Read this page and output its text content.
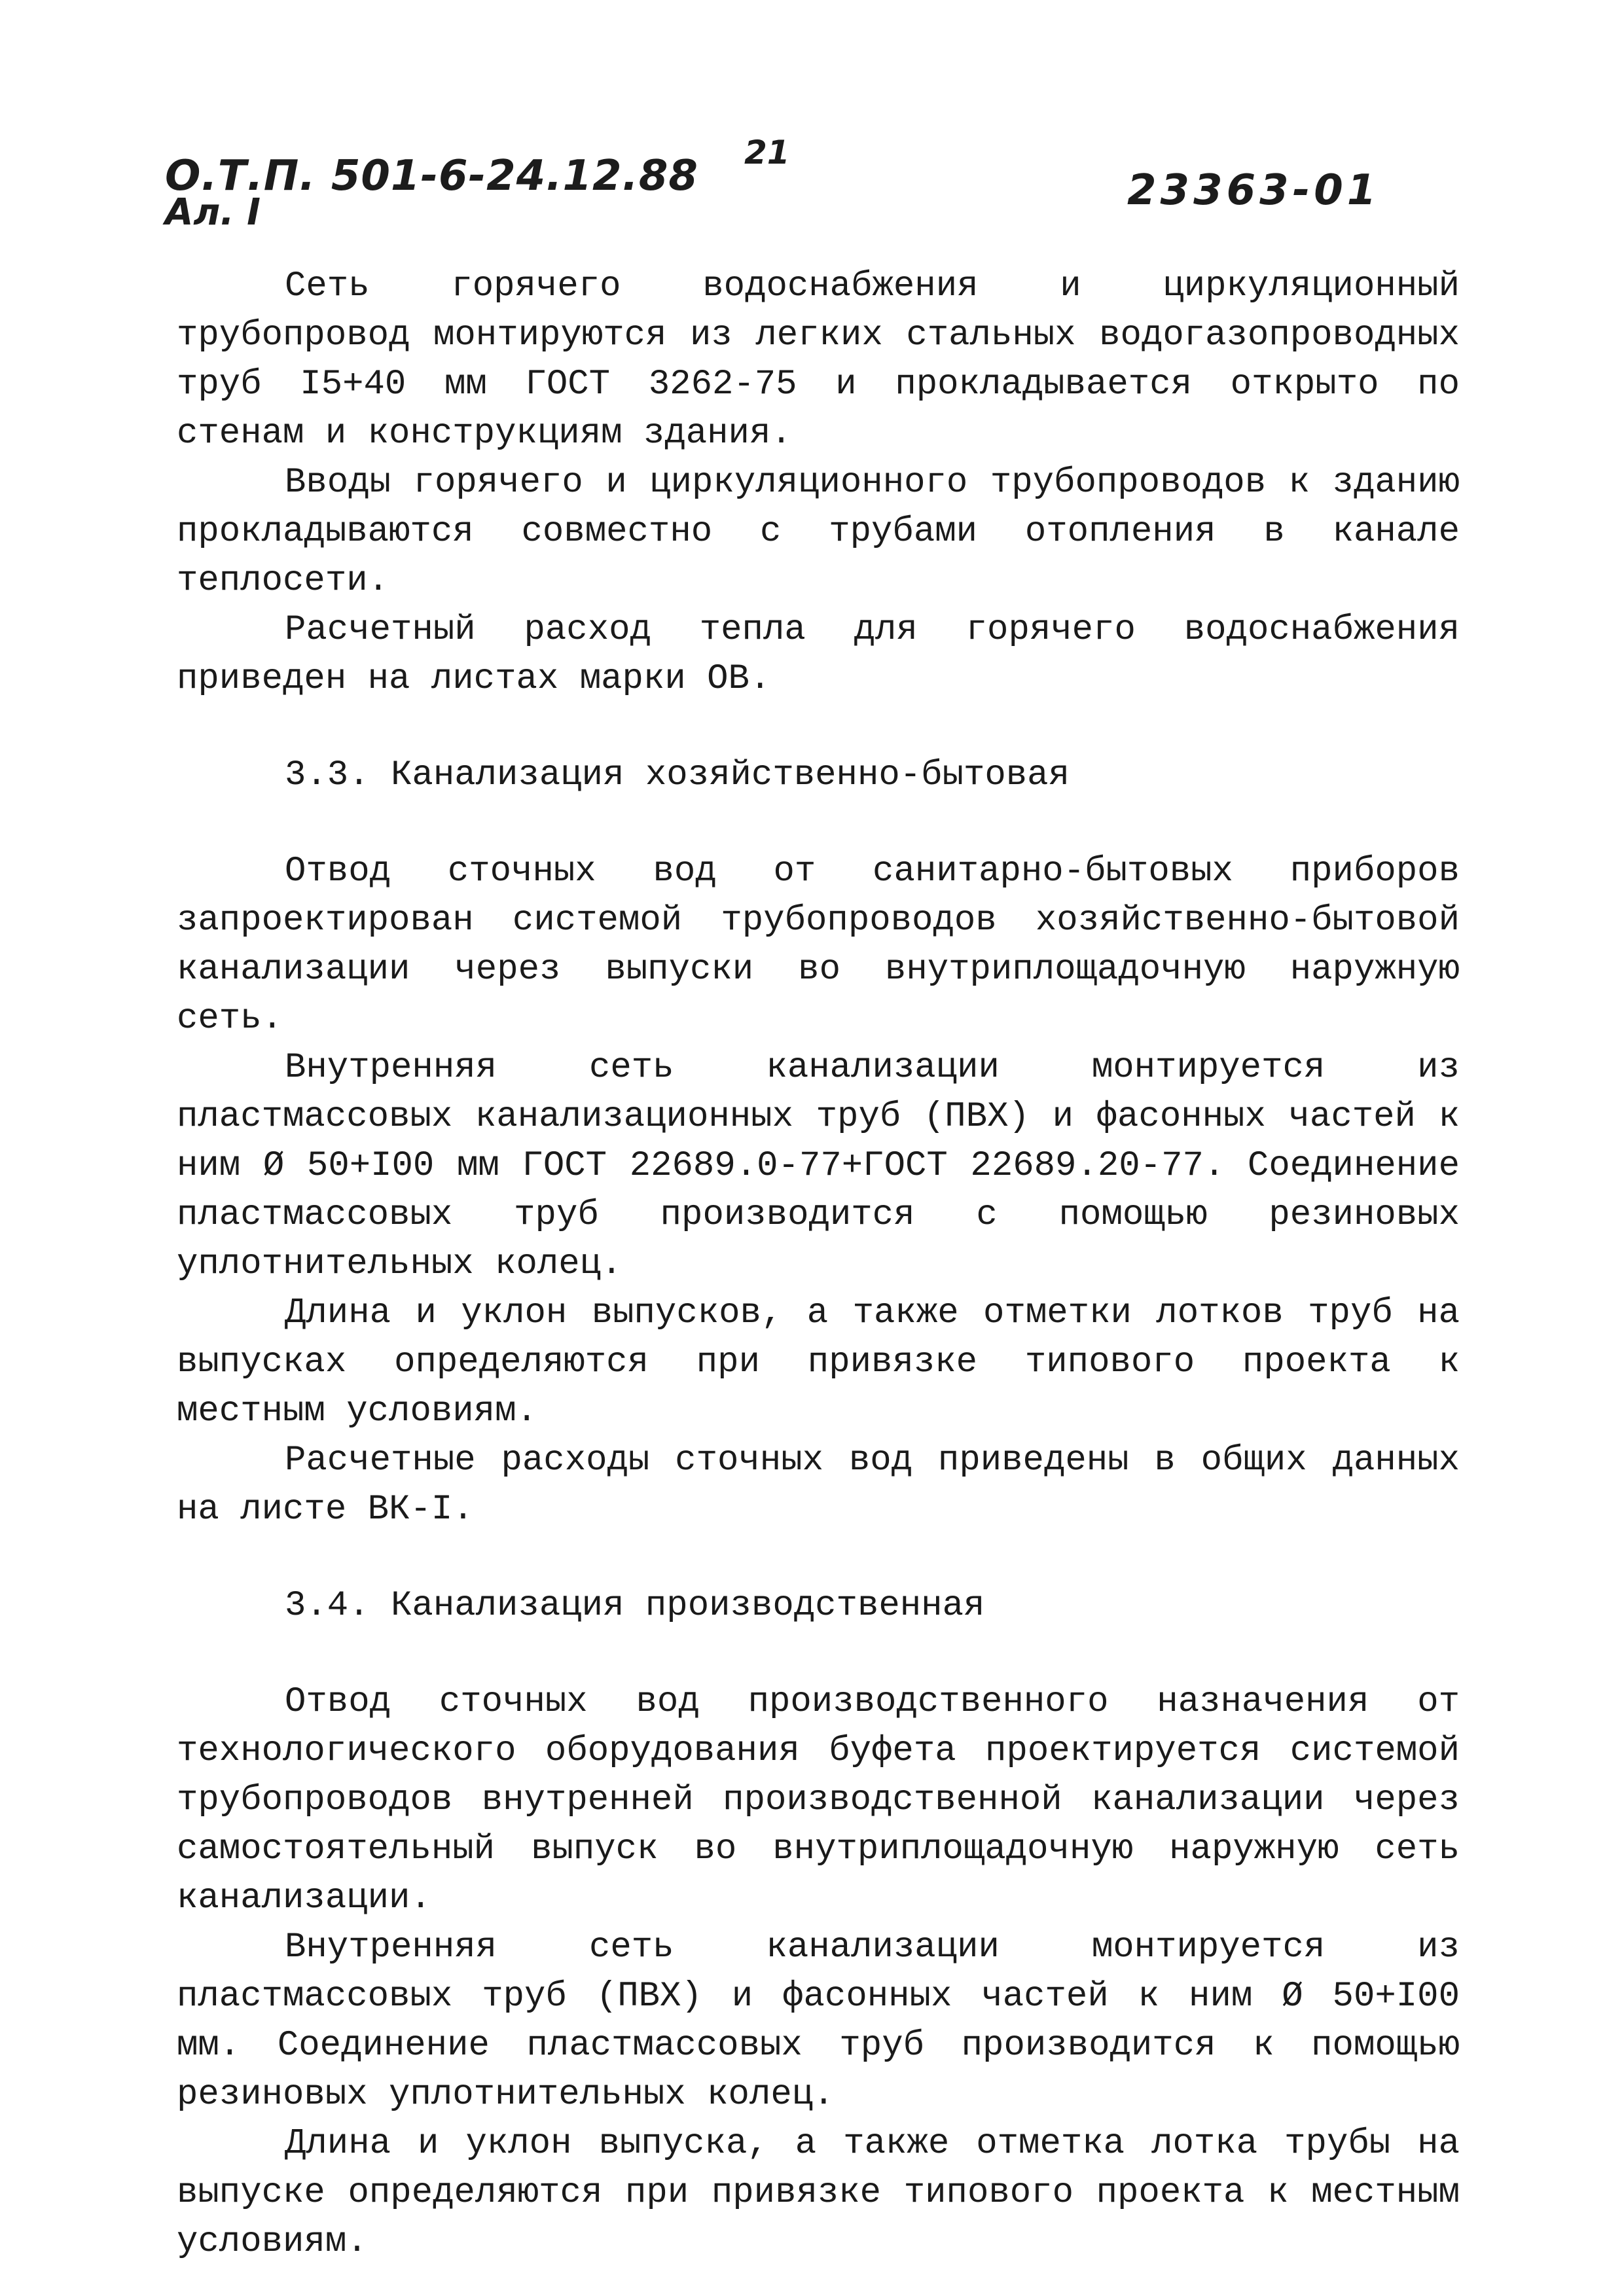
О.Т.П. 501-6-24.12.88
Ал. I
21
23363-01

Сеть горячего водоснабжения и циркуляционный трубопровод монтируются из легких стальных водогазопроводных труб I5+40 мм ГОСТ 3262-75 и прокладывается открыто по стенам и конструкциям здания.

Вводы горячего и циркуляционного трубопроводов к зданию прокладываются совместно с трубами отопления в канале теплосети.

Расчетный расход тепла для горячего водоснабжения приведен на листах марки ОВ.

3.3. Канализация хозяйственно-бытовая

Отвод сточных вод от санитарно-бытовых приборов запроектирован системой трубопроводов хозяйственно-бытовой канализации через выпуски во внутриплощадочную наружную сеть.

Внутренняя сеть канализации монтируется из пластмассовых канализационных труб (ПВХ) и фасонных частей к ним Ø 50+I00 мм ГОСТ 22689.0-77+ГОСТ 22689.20-77. Соединение пластмассовых труб производится с помощью резиновых уплотнительных колец.

Длина и уклон выпусков, а также отметки лотков труб на выпусках определяются при привязке типового проекта к местным условиям.

Расчетные расходы сточных вод приведены в общих данных на листе ВК-I.

3.4. Канализация производственная

Отвод сточных вод производственного назначения от технологического оборудования буфета проектируется системой трубопроводов внутренней производственной канализации через самостоятельный выпуск во внутриплощадочную наружную сеть канализации.

Внутренняя сеть канализации монтируется из пластмассовых труб (ПВХ) и фасонных частей к ним Ø 50+I00 мм. Соединение пластмассовых труб производится к помощью резиновых уплотнительных колец.

Длина и уклон выпуска, а также отметка лотка трубы на выпуске определяются при привязке типового проекта к местным условиям.
